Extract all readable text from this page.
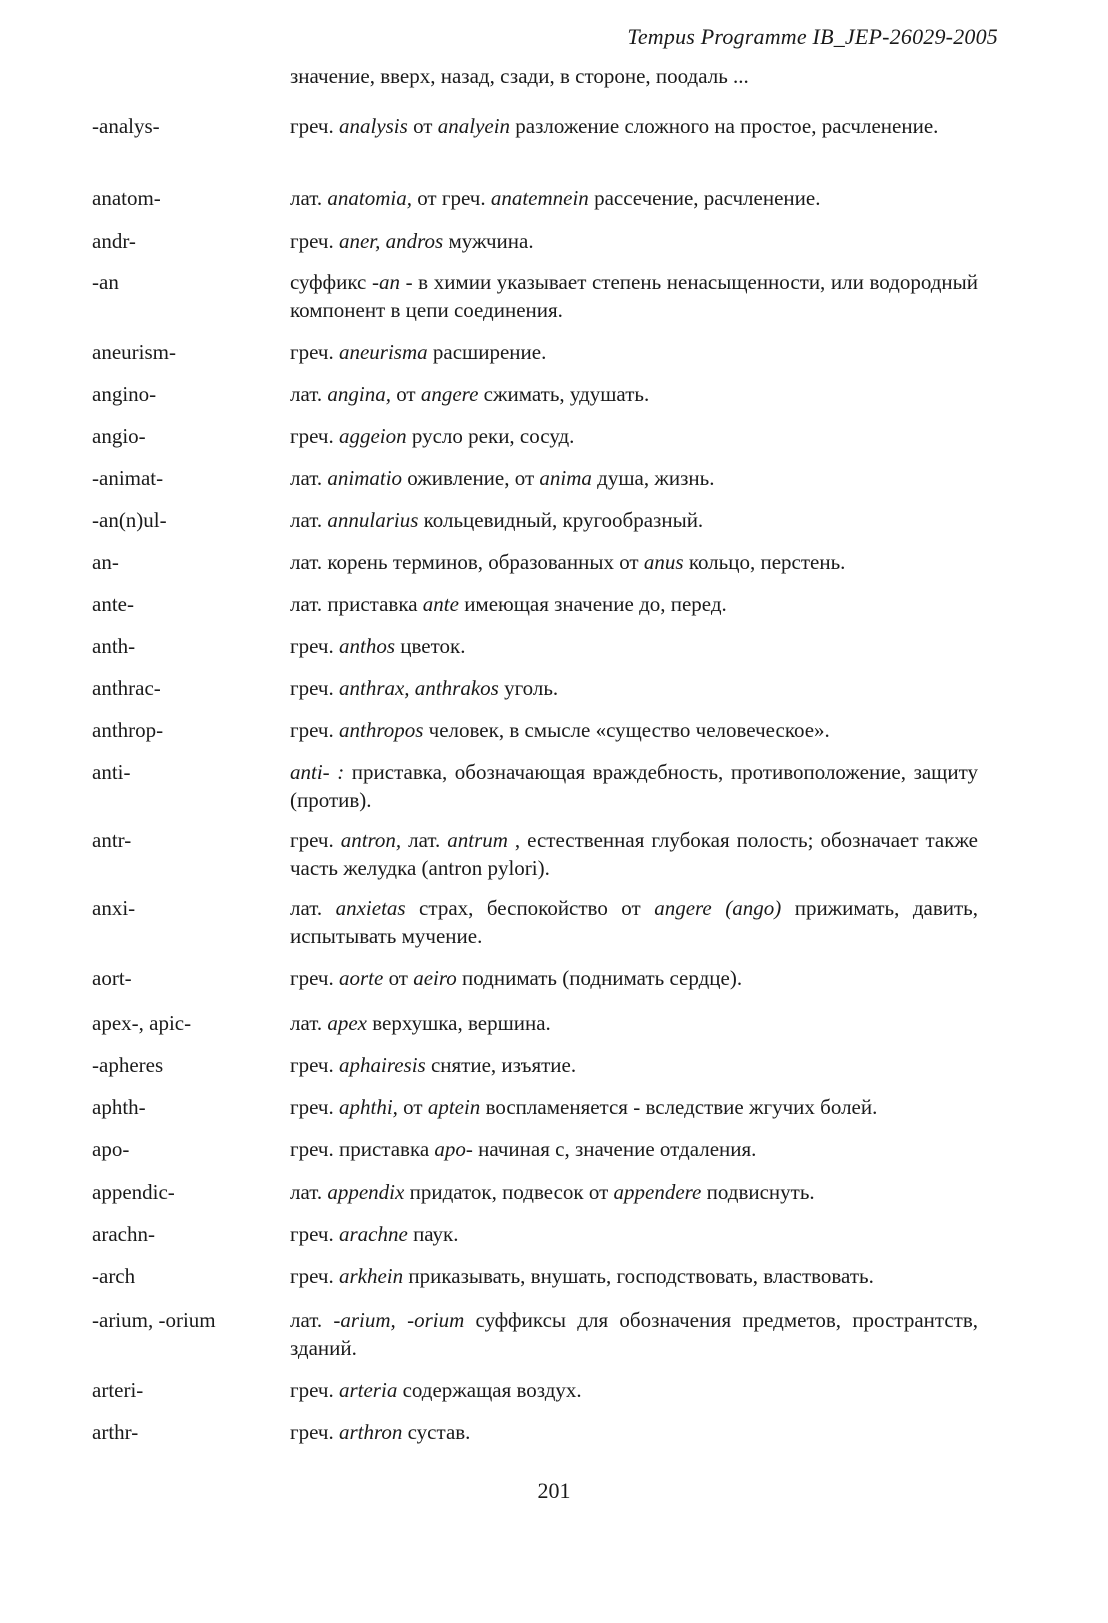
Tempus Programme IB_JEP-26029-2005
значение, вверх, назад, сзади, в стороне, поодаль ...
-analys-	греч. analysis от analyein разложение сложного на простое, расчленение.
anatom-	лат. anatomia, от греч. anatemnein рассечение, расчленение.
andr-	греч. aner, andros мужчина.
-an	суффикс -an - в химии указывает степень ненасыщенности, или водородный компонент в цепи соединения.
aneurism-	греч. aneurisma расширение.
angino-	лат. angina, от angere сжимать, удушать.
angio-	греч. aggeion русло реки, сосуд.
-animat-	лат. animatio оживление, от anima душа, жизнь.
-an(n)ul-	лат. annularius кольцевидный, кругообразный.
an-	лат. корень терминов, образованных от anus кольцо, перстень.
ante-	лат. приставка ante имеющая значение до, перед.
anth-	греч. anthos цветок.
anthrac-	греч. anthrax, anthrakos уголь.
anthrop-	греч. anthropos человек, в смысле «существо человеческое».
anti-	anti- : приставка, обозначающая враждебность, противоположение, защиту (против).
antr-	греч. antron, лат. antrum , естественная глубокая полость; обозначает также часть желудка (antron pylori).
anxi-	лат. anxietas страх, беспокойство от angere (ango) прижимать, давить, испытывать мучение.
aort-	греч. aorte от aeiro поднимать (поднимать сердце).
apex-, apic-	лат. apex верхушка, вершина.
-apheres	греч. aphairesis снятие, изъятие.
aphth-	греч. aphthi, от aptein воспламеняется - вследствие жгучих болей.
apo-	греч. приставка apo- начиная с, значение отдаления.
appendic-	лат. appendix придаток, подвесок от appendere подвиснуть.
arachn-	греч. arachne паук.
-arch	греч. arkhein приказывать, внушать, господствовать, властвовать.
-arium, -orium	лат. -arium, -orium суффиксы для обозначения предметов, пространтств, зданий.
arteri-	греч. arteria содержащая воздух.
arthr-	греч. arthron сустав.
201
